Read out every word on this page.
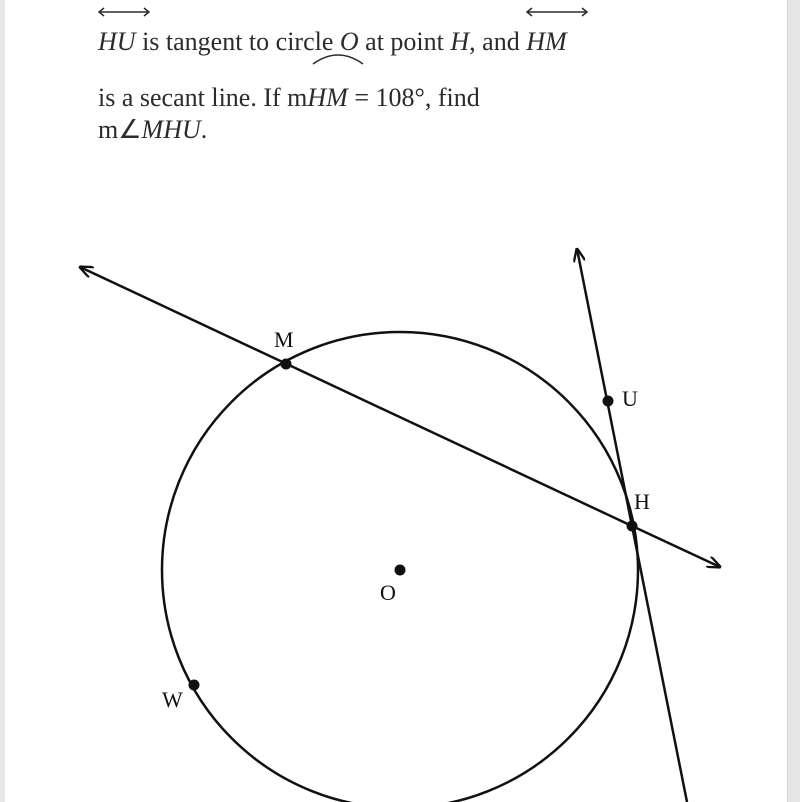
HU is tangent to circle O at point H, and
HM
is a secant line. If m
HM = 108°, find
m∠MHU.
M
U
H
O
W
